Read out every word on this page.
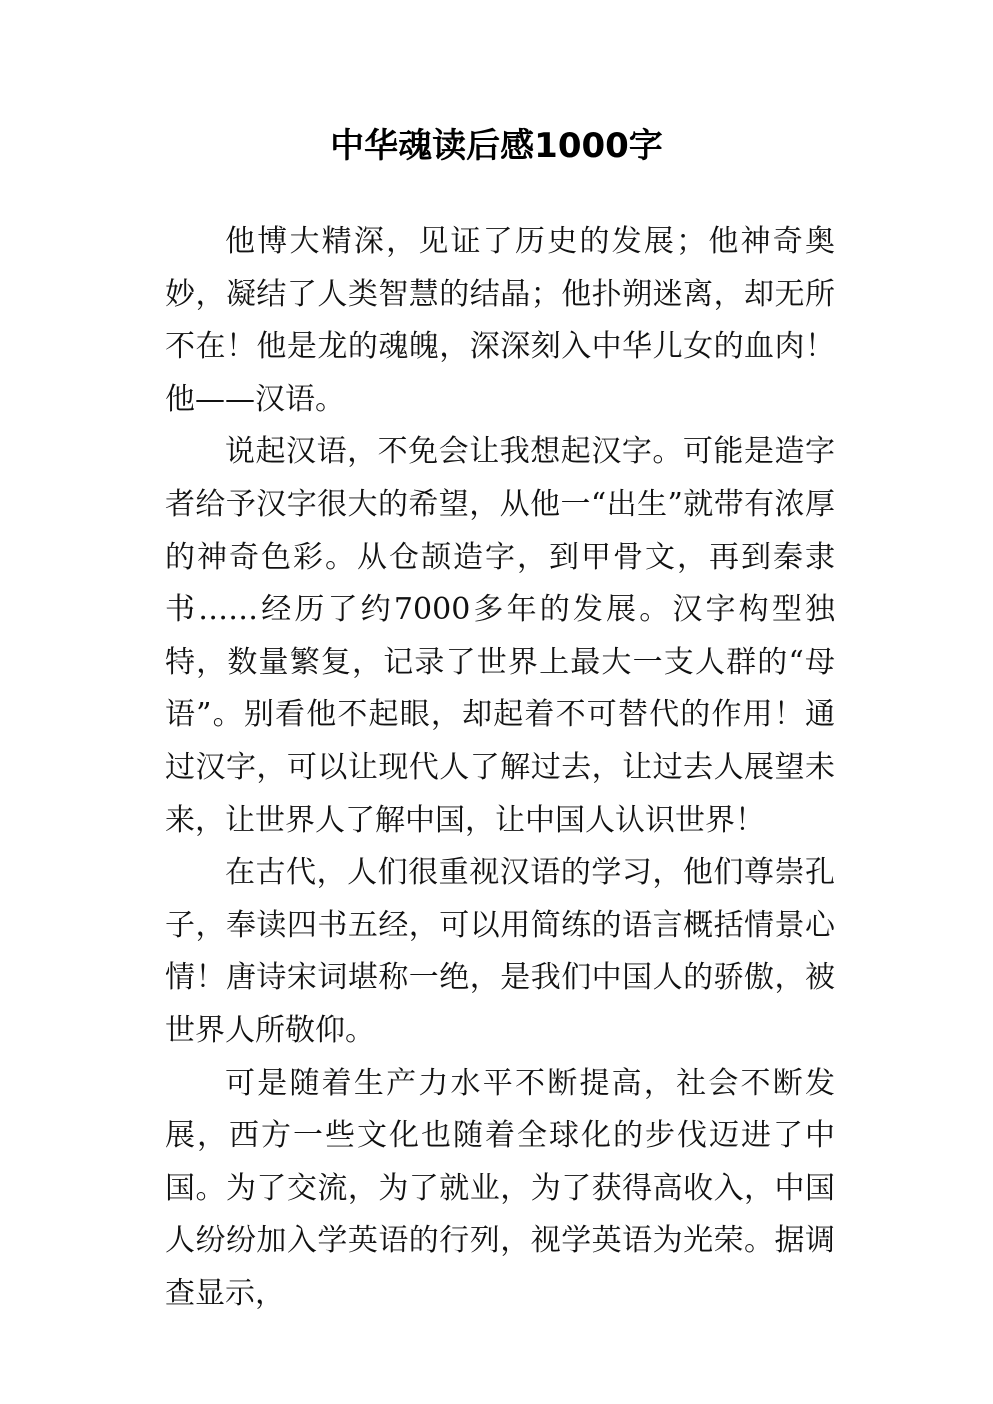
中华魂读后感1000字

他博大精深，见证了历史的发展；他神奇奥妙，凝结了人类智慧的结晶；他扑朔迷离，却无所不在！他是龙的魂魄，深深刻入中华儿女的血肉！他——汉语。

说起汉语，不免会让我想起汉字。可能是造字者给予汉字很大的希望，从他一“出生”就带有浓厚的神奇色彩。从仓颉造字，到甲骨文，再到秦隶书……经历了约7000多年的发展。汉字构型独特，数量繁复，记录了世界上最大一支人群的“母语”。别看他不起眼，却起着不可替代的作用！通过汉字，可以让现代人了解过去，让过去人展望未来，让世界人了解中国，让中国人认识世界！

在古代，人们很重视汉语的学习，他们尊崇孔子，奉读四书五经，可以用简练的语言概括情景心情！唐诗宋词堪称一绝，是我们中国人的骄傲，被世界人所敬仰。

可是随着生产力水平不断提高，社会不断发展，西方一些文化也随着全球化的步伐迈进了中国。为了交流，为了就业，为了获得高收入，中国人纷纷加入学英语的行列，视学英语为光荣。据调查显示，
